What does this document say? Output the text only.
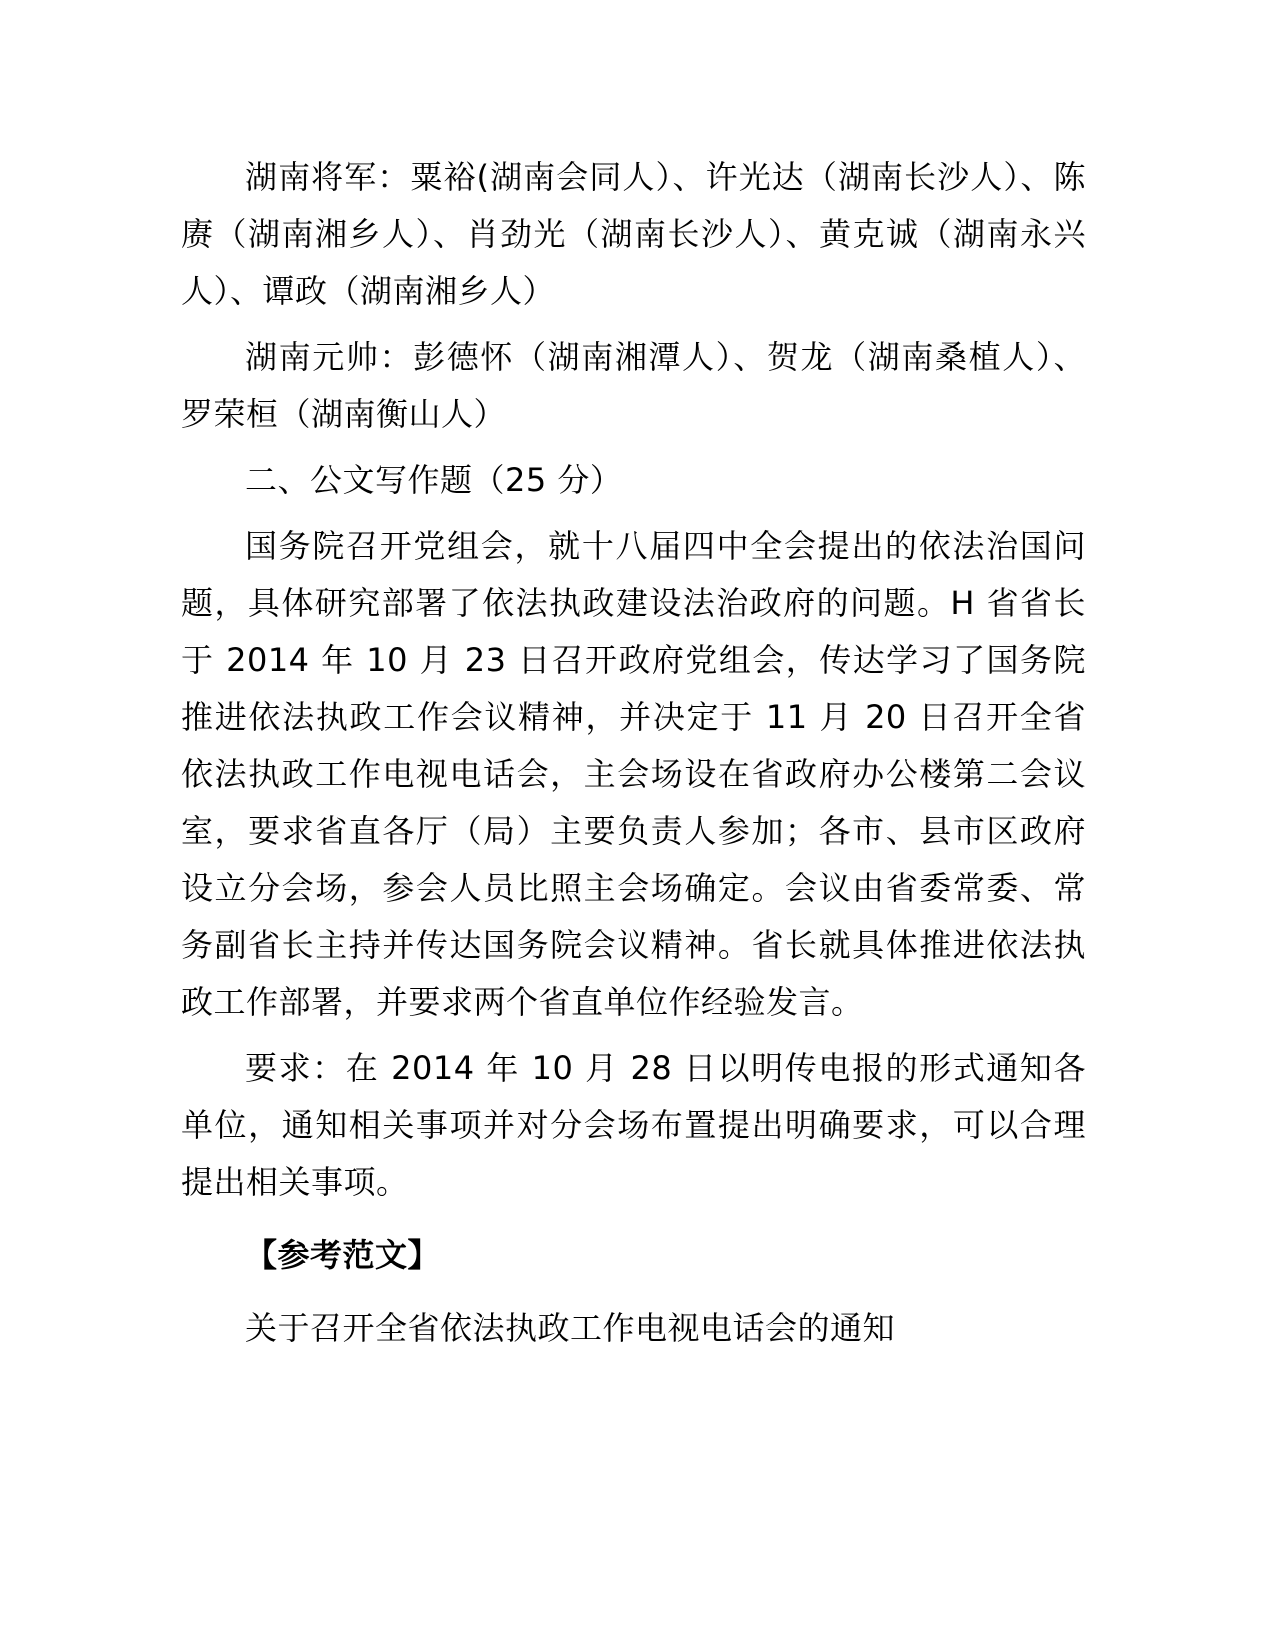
湖南将军：粟裕(湖南会同人）、许光达（湖南长沙人）、陈赓（湖南湘乡人）、肖劲光（湖南长沙人）、黄克诚（湖南永兴人）、谭政（湖南湘乡人）

湖南元帅：彭德怀（湖南湘潭人）、贺龙（湖南桑植人）、罗荣桓（湖南衡山人）

二、公文写作题（25 分）

国务院召开党组会，就十八届四中全会提出的依法治国问题，具体研究部署了依法执政建设法治政府的问题。H 省省长于 2014 年 10 月 23 日召开政府党组会，传达学习了国务院推进依法执政工作会议精神，并决定于 11 月 20 日召开全省依法执政工作电视电话会，主会场设在省政府办公楼第二会议室，要求省直各厅（局）主要负责人参加；各市、县市区政府设立分会场，参会人员比照主会场确定。会议由省委常委、常务副省长主持并传达国务院会议精神。省长就具体推进依法执政工作部署，并要求两个省直单位作经验发言。

要求：在 2014 年 10 月 28 日以明传电报的形式通知各单位，通知相关事项并对分会场布置提出明确要求，可以合理提出相关事项。

【参考范文】

关于召开全省依法执政工作电视电话会的通知
